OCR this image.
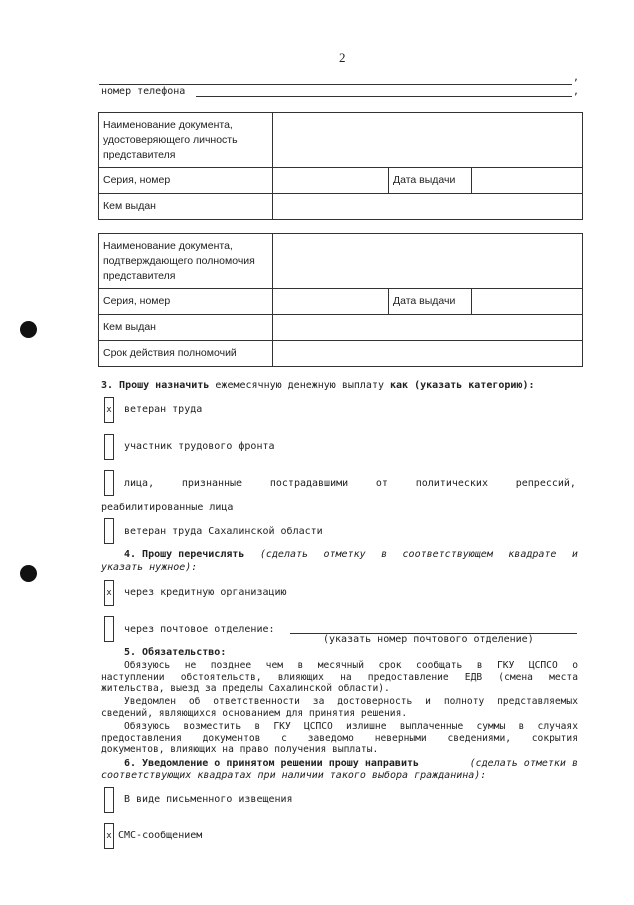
2
,
номер телефона	,
Наименование документа, удостоверяющего личность представителя			
Серия, номер		Дата выдачи	
Кем выдан			
Наименование документа, подтверждающего полномочия представителя			
Серия, номер		Дата выдачи	
Кем выдан			
Срок действия полномочий			
3. Прошу назначить ежемесячную денежную выплату как (указать категорию):
x ветеран труда
участник трудового фронта
лица,	признанные	пострадавшими	от	политических	репрессий,
реабилитированные лица
ветеран труда Сахалинской области
4. Прошу перечислять (сделать отметку в соответствующем квадрате и
указать нужное):
x через кредитную организацию
через почтовое отделение:
(указать номер почтового отделение)
5. Обязательство:
Обязуюсь не позднее чем в месячный срок сообщать в ГКУ ЦСПСО о
наступлении обстоятельств, влияющих на предоставление ЕДВ (смена места
жительства, выезд за пределы Сахалинской области).
Уведомлен об ответственности за достоверность и полноту представляемых
сведений, являющихся основанием для принятия решения.
Обязуюсь возместить в ГКУ ЦСПСО излишне выплаченные суммы в случаях
предоставления документов с заведомо неверными сведениями, сокрытия
документов, влияющих на право получения выплаты.
6. Уведомление о принятом решении прошу направить	(сделать отметки в
соответствующих квадратах при наличии такого выбора гражданина):
В виде письменного извещения
x СМС-сообщением
